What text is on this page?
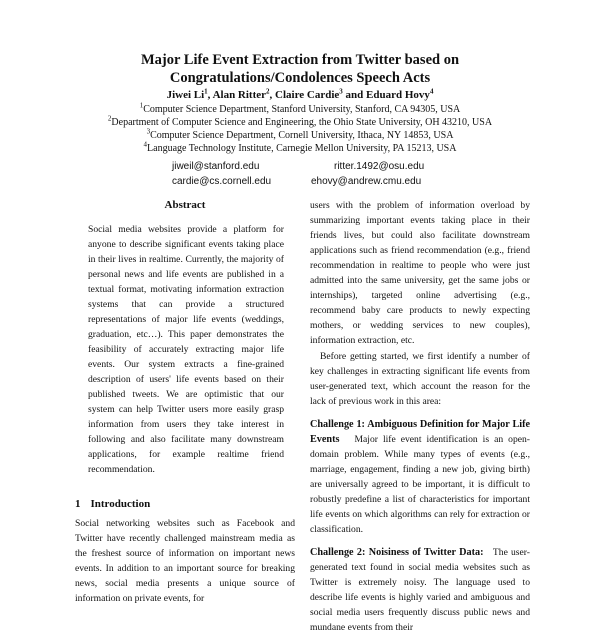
Major Life Event Extraction from Twitter based on
Congratulations/Condolences Speech Acts
Jiwei Li$^1$, Alan Ritter$^2$, Claire Cardie$^3$ and Eduard Hovy$^4$
$^1$Computer Science Department, Stanford University, Stanford, CA 94305, USA
$^2$Department of Computer Science and Engineering, the Ohio State University, OH 43210, USA
$^3$Computer Science Department, Cornell University, Ithaca, NY 14853, USA
$^4$Language Technology Institute, Carnegie Mellon University, PA 15213, USA
jiweil@stanford.edu	ritter.1492@osu.edu
cardie@cs.cornell.edu	ehovy@andrew.cmu.edu
Abstract
Social media websites provide a platform for anyone to describe significant events taking place in their lives in realtime. Currently, the majority of personal news and life events are published in a textual format, motivating information extraction systems that can provide a structured representations of major life events (weddings, graduation, etc…). This paper demonstrates the feasibility of accurately extracting major life events. Our system extracts a fine-grained description of users' life events based on their published tweets. We are optimistic that our system can help Twitter users more easily grasp information from users they take interest in following and also facilitate many downstream applications, for example realtime friend recommendation.
1 Introduction
Social networking websites such as Facebook and Twitter have recently challenged mainstream media as the freshest source of information on important news events. In addition to an important source for breaking news, social media presents a unique source of information on private events, for

users with the problem of information overload by summarizing important events taking place in their friends lives, but could also facilitate downstream applications such as friend recommendation (e.g., friend recommendation in realtime to people who were just admitted into the same university, get the same jobs or internships), targeted online advertising (e.g., recommend baby care products to newly expecting mothers, or wedding services to new couples), information extraction, etc.

Before getting started, we first identify a number of key challenges in extracting significant life events from user-generated text, which account the reason for the lack of previous work in this area:

Challenge 1: Ambiguous Definition for Major Life Events Major life event identification is an open-domain problem. While many types of events (e.g., marriage, engagement, finding a new job, giving birth) are universally agreed to be important, it is difficult to robustly predefine a list of characteristics for important life events on which algorithms can rely for extraction or classification.

Challenge 2: Noisiness of Twitter Data: The user-generated text found in social media websites such as Twitter is extremely noisy. The language used to describe life events is highly varied and ambiguous and social media users frequently discuss public news and mundane events from their
